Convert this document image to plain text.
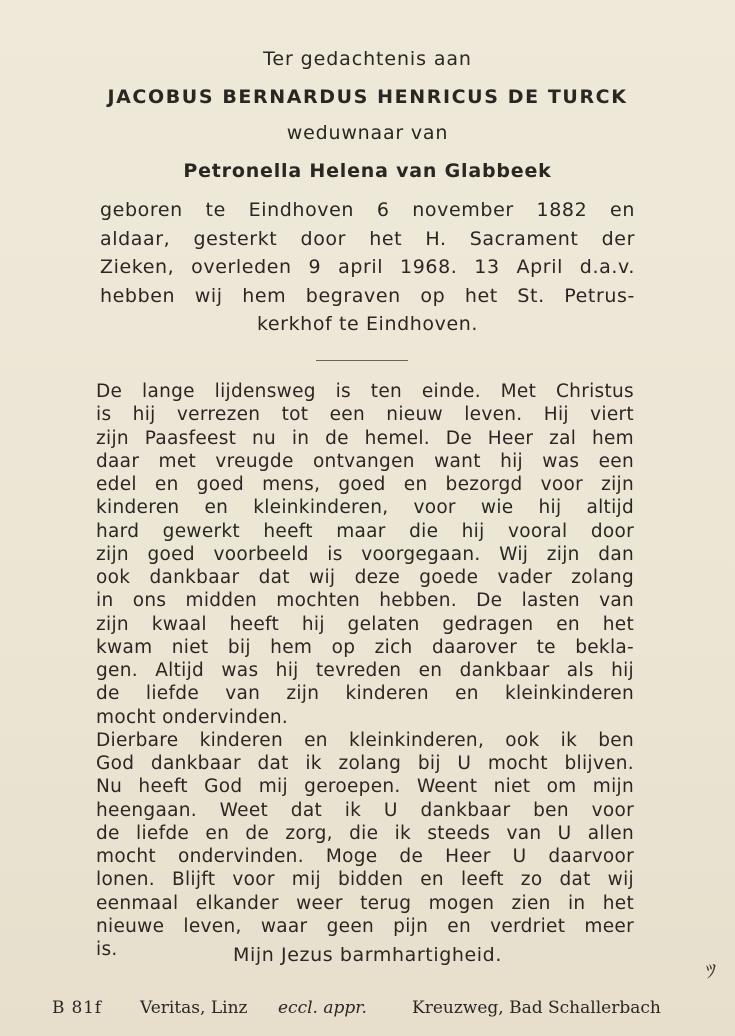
Ter gedachtenis aan
JACOBUS BERNARDUS HENRICUS DE TURCK
weduwnaar van
Petronella Helena van Glabbeek
geboren te Eindhoven 6 november 1882 en
aldaar, gesterkt door het H. Sacrament der
Zieken, overleden 9 april 1968. 13 April d.a.v.
hebben wij hem begraven op het St. Petrus-
kerkhof te Eindhoven.
De lange lijdensweg is ten einde. Met Christus
is hij verrezen tot een nieuw leven. Hij viert
zijn Paasfeest nu in de hemel. De Heer zal hem
daar met vreugde ontvangen want hij was een
edel en goed mens, goed en bezorgd voor zijn
kinderen en kleinkinderen, voor wie hij altijd
hard gewerkt heeft maar die hij vooral door
zijn goed voorbeeld is voorgegaan. Wij zijn dan
ook dankbaar dat wij deze goede vader zolang
in ons midden mochten hebben. De lasten van
zijn kwaal heeft hij gelaten gedragen en het
kwam niet bij hem op zich daarover te bekla-
gen. Altijd was hij tevreden en dankbaar als hij
de liefde van zijn kinderen en kleinkinderen
mocht ondervinden.
Dierbare kinderen en kleinkinderen, ook ik ben
God dankbaar dat ik zolang bij U mocht blijven.
Nu heeft God mij geroepen. Weent niet om mijn
heengaan. Weet dat ik U dankbaar ben voor
de liefde en de zorg, die ik steeds van U allen
mocht ondervinden. Moge de Heer U daarvoor
lonen. Blijft voor mij bidden en leeft zo dat wij
eenmaal elkander weer terug mogen zien in het
nieuwe leven, waar geen pijn en verdriet meer
is.	Mijn Jezus barmhartigheid.
ﾂ
B 81f Veritas, Linz eccl. appr.	Kreuzweg, Bad Schallerbach
